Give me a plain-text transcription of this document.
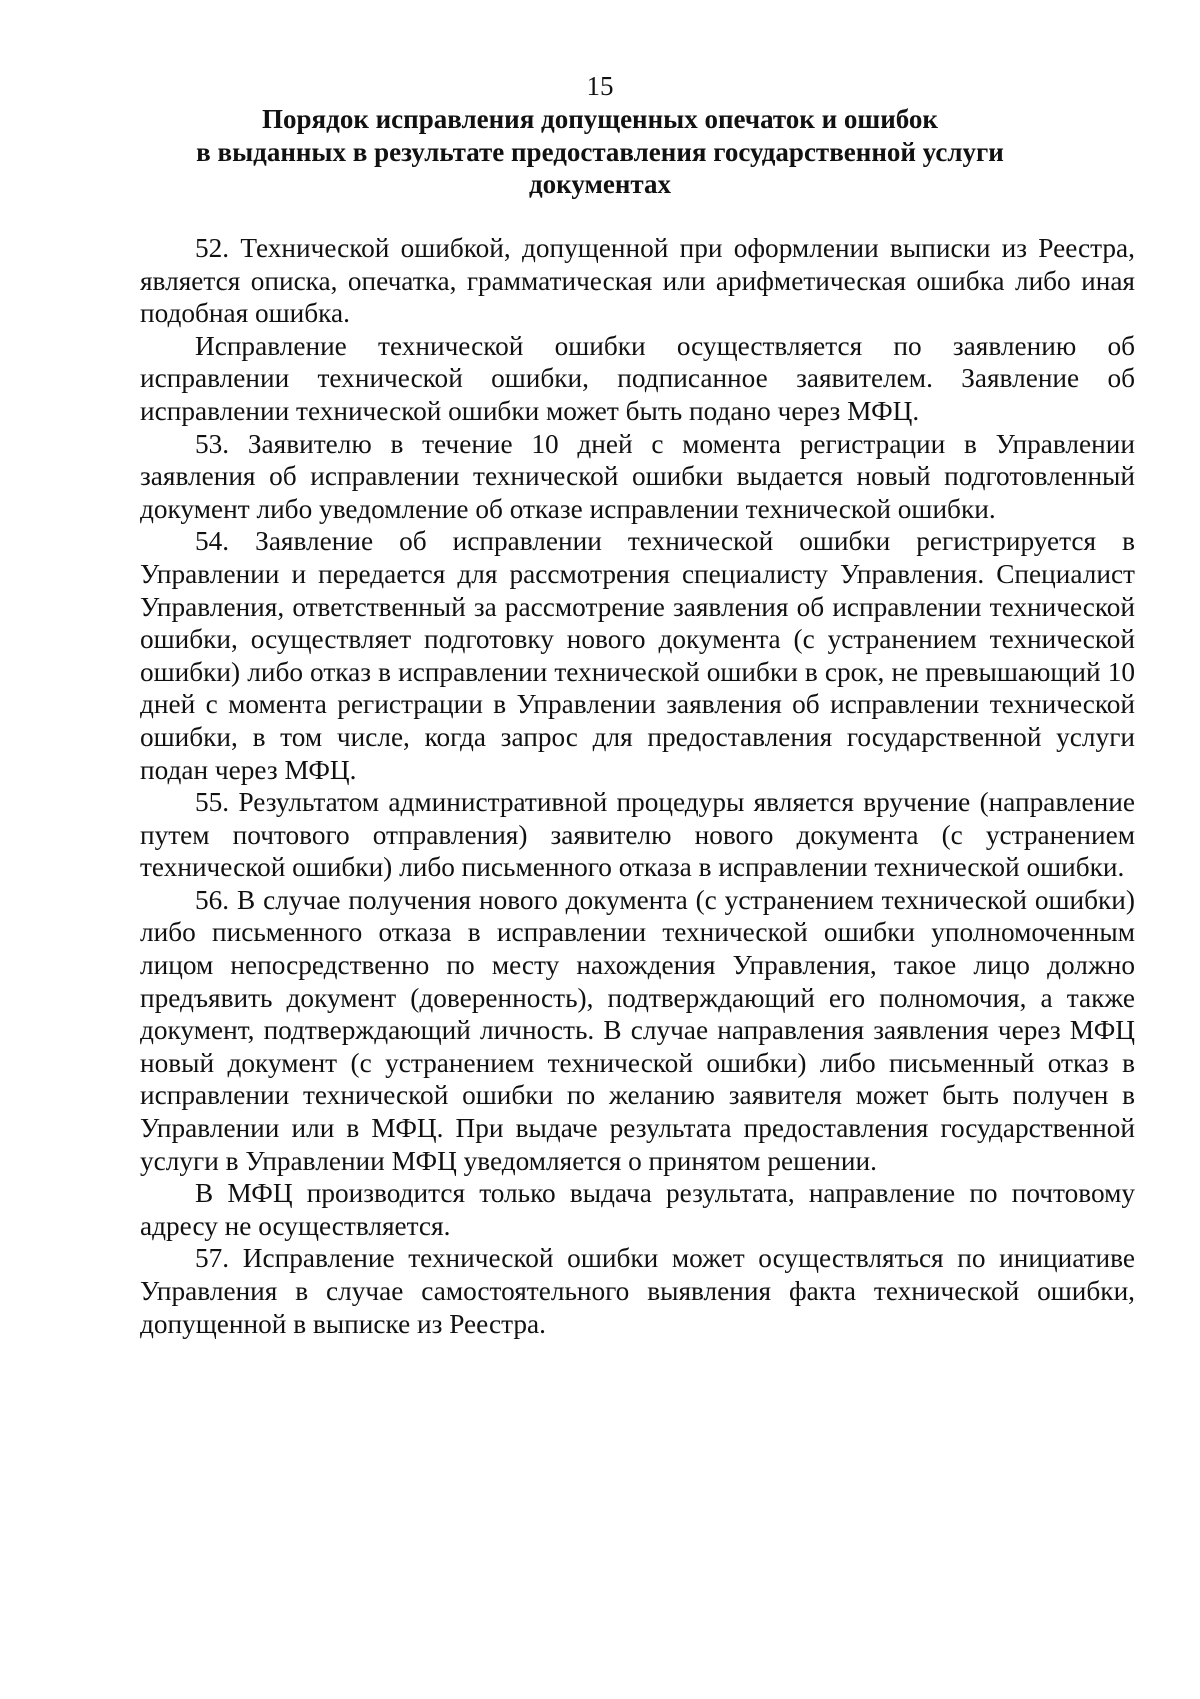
15
Порядок исправления допущенных опечаток и ошибок
в выданных в результате предоставления государственной услуги
документах

52. Технической ошибкой, допущенной при оформлении выписки из Реестра, является описка, опечатка, грамматическая или арифметическая ошибка либо иная подобная ошибка.

Исправление технической ошибки осуществляется по заявлению об исправлении технической ошибки, подписанное заявителем. Заявление об исправлении технической ошибки может быть подано через МФЦ.

53. Заявителю в течение 10 дней с момента регистрации в Управлении заявления об исправлении технической ошибки выдается новый подготовленный документ либо уведомление об отказе исправлении технической ошибки.

54. Заявление об исправлении технической ошибки регистрируется в Управлении и передается для рассмотрения специалисту Управления. Специалист Управления, ответственный за рассмотрение заявления об исправлении технической ошибки, осуществляет подготовку нового документа (с устранением технической ошибки) либо отказ в исправлении технической ошибки в срок, не превышающий 10 дней с момента регистрации в Управлении заявления об исправлении технической ошибки, в том числе, когда запрос для предоставления государственной услуги подан через МФЦ.

55. Результатом административной процедуры является вручение (направление путем почтового отправления) заявителю нового документа (с устранением технической ошибки) либо письменного отказа в исправлении технической ошибки.

56. В случае получения нового документа (с устранением технической ошибки) либо письменного отказа в исправлении технической ошибки уполномоченным лицом непосредственно по месту нахождения Управления, такое лицо должно предъявить документ (доверенность), подтверждающий его полномочия, а также документ, подтверждающий личность. В случае направления заявления через МФЦ новый документ (с устранением технической ошибки) либо письменный отказ в исправлении технической ошибки по желанию заявителя может быть получен в Управлении или в МФЦ. При выдаче результата предоставления государственной услуги в Управлении МФЦ уведомляется о принятом решении.

В МФЦ производится только выдача результата, направление по почтовому адресу не осуществляется.

57. Исправление технической ошибки может осуществляться по инициативе Управления в случае самостоятельного выявления факта технической ошибки, допущенной в выписке из Реестра.
